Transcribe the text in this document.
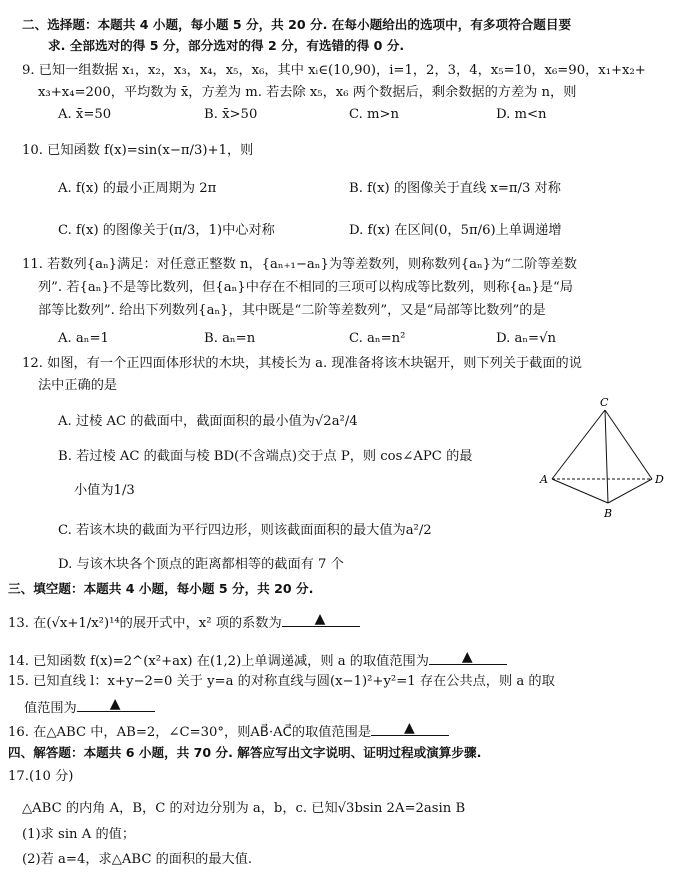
二、选择题：本题共 4 小题，每小题 5 分，共 20 分. 在每小题给出的选项中，有多项符合题目要
求. 全部选对的得 5 分，部分选对的得 2 分，有选错的得 0 分.
9. 已知一组数据 x₁，x₂，x₃，x₄，x₅，x₆，其中 xᵢ∈(10,90)，i=1，2，3，4，x₅=10，x₆=90，x₁+x₂+
x₃+x₄=200，平均数为 x̄，方差为 m. 若去除 x₅，x₆ 两个数据后，剩余数据的方差为 n，则
A. x̄=50	B. x̄>50	C. m>n	D. m<n
10. 已知函数 f(x)=sin(x−π/3)+1，则
A. f(x) 的最小正周期为 2π	B. f(x) 的图像关于直线 x=π/3 对称
C. f(x) 的图像关于(π/3，1)中心对称	D. f(x) 在区间(0，5π/6)上单调递增
11. 若数列{aₙ}满足：对任意正整数 n，{aₙ₊₁−aₙ}为等差数列，则称数列{aₙ}为“二阶等差数
列”. 若{aₙ}不是等比数列，但{aₙ}中存在不相同的三项可以构成等比数列，则称{aₙ}是“局
部等比数列”. 给出下列数列{aₙ}，其中既是“二阶等差数列”，又是“局部等比数列”的是
A. aₙ=1	B. aₙ=n	C. aₙ=n²	D. aₙ=√n
12. 如图，有一个正四面体形状的木块，其棱长为 a. 现准备将该木块锯开，则下列关于截面的说
法中正确的是
A. 过棱 AC 的截面中，截面面积的最小值为√2a²/4
B. 若过棱 AC 的截面与棱 BD(不含端点)交于点 P，则 cos∠APC 的最
小值为1/3
C. 若该木块的截面为平行四边形，则该截面面积的最大值为a²/2
D. 与该木块各个顶点的距离都相等的截面有 7 个
C
A	D
B
三、填空题：本题共 4 小题，每小题 5 分，共 20 分.
13. 在(√x+1/x²)¹⁴的展开式中，x² 项的系数为 ▲
14. 已知函数 f(x)=2^(x²+ax) 在(1,2)上单调递减，则 a 的取值范围为 ▲
15. 已知直线 l：x+y−2=0 关于 y=a 的对称直线与圆(x−1)²+y²=1 存在公共点，则 a 的取
值范围为 ▲
16. 在△ABC 中，AB=2，∠C=30°，则AB⃗·AC⃗的取值范围是 ▲
四、解答题：本题共 6 小题，共 70 分. 解答应写出文字说明、证明过程或演算步骤.
17.(10 分)
△ABC 的内角 A，B，C 的对边分别为 a，b，c. 已知√3bsin 2A=2asin B
(1)求 sin A 的值；
(2)若 a=4，求△ABC 的面积的最大值.
